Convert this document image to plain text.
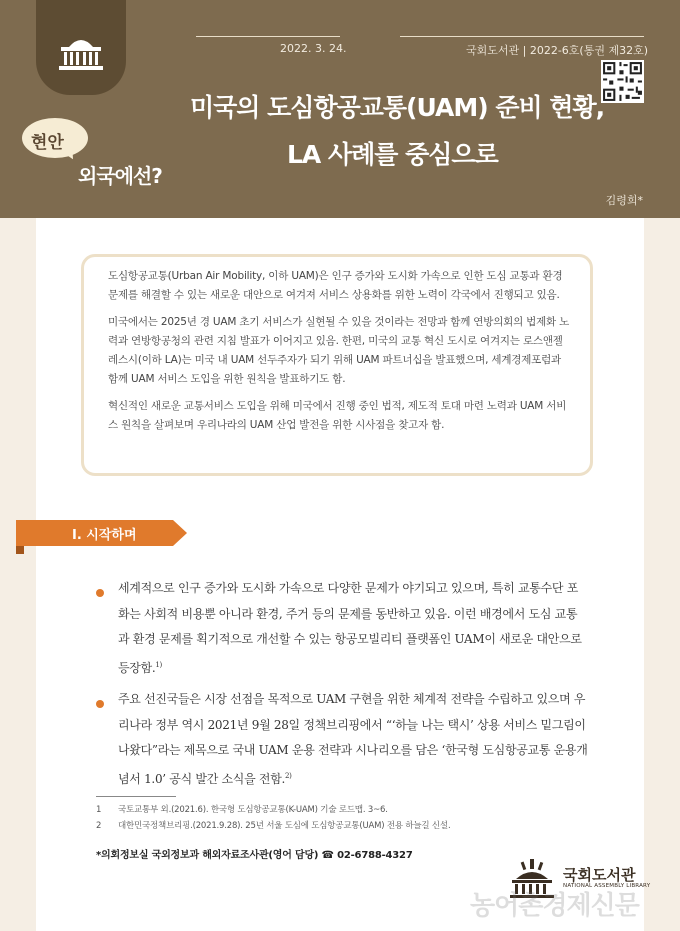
2022. 3. 24.	국회도서관 | 2022-6호(통권 제32호)
미국의 도심항공교통(UAM) 준비 현황,
LA 사례를 중심으로
현안
외국에선?
김령희*

도심항공교통(Urban Air Mobility, 이하 UAM)은 인구 증가와 도시화 가속으로 인한 도심 교통과 환경 문제를 해결할 수 있는 새로운 대안으로 여겨져 서비스 상용화를 위한 노력이 각국에서 진행되고 있음.

미국에서는 2025년 경 UAM 초기 서비스가 실현될 수 있을 것이라는 전망과 함께 연방의회의 법제화 노력과 연방항공청의 관련 지침 발표가 이어지고 있음. 한편, 미국의 교통 혁신 도시로 여겨지는 로스앤젤레스시(이하 LA)는 미국 내 UAM 선두주자가 되기 위해 UAM 파트너십을 발표했으며, 세계경제포럼과 함께 UAM 서비스 도입을 위한 원칙을 발표하기도 함.

혁신적인 새로운 교통서비스 도입을 위해 미국에서 진행 중인 법적, 제도적 토대 마련 노력과 UAM 서비스 원칙을 살펴보며 우리나라의 UAM 산업 발전을 위한 시사점을 찾고자 함.

Ⅰ. 시작하며
세계적으로 인구 증가와 도시화 가속으로 다양한 문제가 야기되고 있으며, 특히 교통수단 포화는 사회적 비용뿐 아니라 환경, 주거 등의 문제를 동반하고 있음. 이런 배경에서 도심 교통과 환경 문제를 획기적으로 개선할 수 있는 항공모빌리티 플랫폼인 UAM이 새로운 대안으로 등장함.$^{1)}$
주요 선진국들은 시장 선점을 목적으로 UAM 구현을 위한 체계적 전략을 수립하고 있으며 우리나라 정부 역시 2021년 9월 28일 정책브리핑에서 “‘하늘 나는 택시’ 상용 서비스 밑그림이 나왔다”라는 제목으로 국내 UAM 운용 전략과 시나리오를 담은 ‘한국형 도심항공교통 운용개념서 1.0’ 공식 발간 소식을 전함.$^{2)}$
1 국토교통부 외.(2021.6). 한국형 도심항공교통(K-UAM) 기술 로드맵. 3~6.
2 대한민국정책브리핑.(2021.9.28). 25년 서울 도심에 도심항공교통(UAM) 전용 하늘길 신설.
*의회정보실 국외정보과 해외자료조사관(영어 담당) ☎ 02-6788-4327
국회도서관
NATIONAL ASSEMBLY LIBRARY
농어촌경제신문
